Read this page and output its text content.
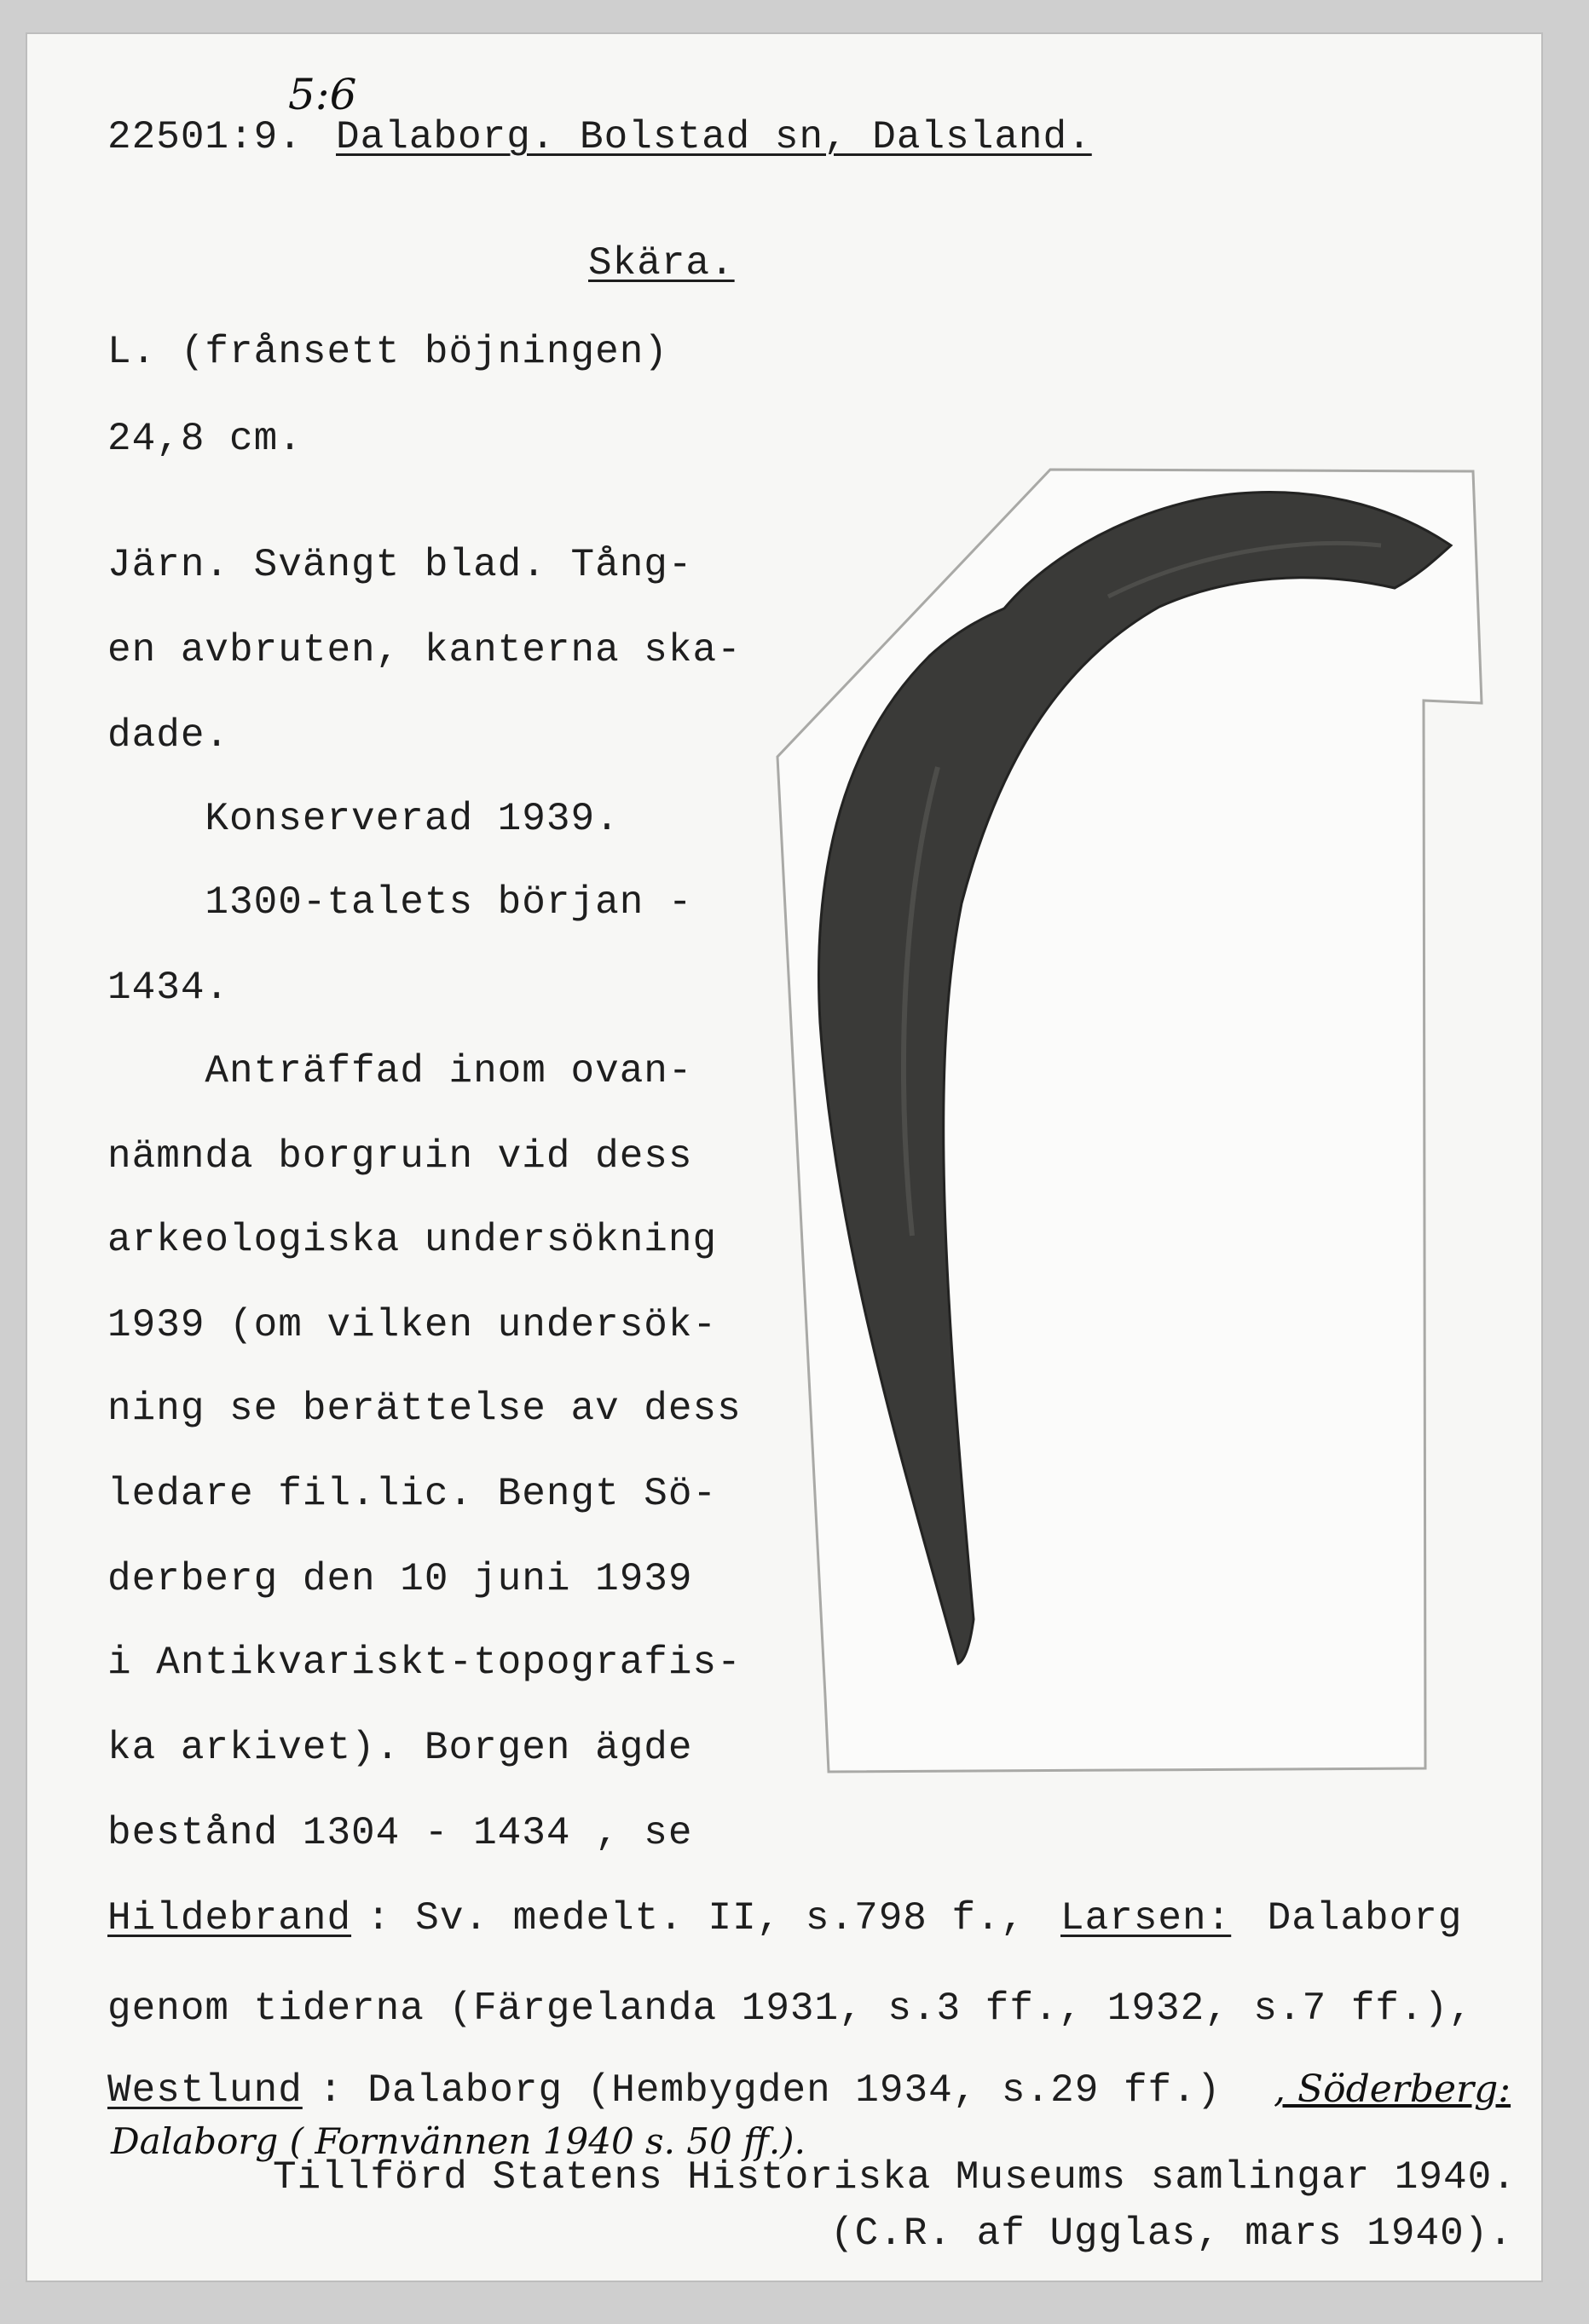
5:6
22501:9. Dalaborg. Bolstad sn, Dalsland.
Skära.
L. (frånsett böjningen)
24,8 cm.
Järn. Svängt blad. Tång-
en avbruten, kanterna ska-
dade.
Konserverad 1939.
1300-talets början -
1434.
Anträffad inom ovan-
nämnda borgruin vid dess
arkeologiska undersökning
1939 (om vilken undersök-
ning se berättelse av dess
ledare fil.lic. Bengt Sö-
derberg den 10 juni 1939
i Antikvariskt-topografis-
ka arkivet). Borgen ägde
bestånd 1304 - 1434 , se
Hildebrand : Sv. medelt. II, s.798 f., Larsen: Dalaborg
genom tiderna (Färgelanda 1931, s.3 ff., 1932, s.7 ff.),
Westlund : Dalaborg (Hembygden 1934, s.29 ff.) , Söderberg:
Dalaborg ( Fornvännen 1940 s. 50 ff.).
Tillförd Statens Historiska Museums samlingar 1940.
(C.R. af Ugglas, mars 1940).
